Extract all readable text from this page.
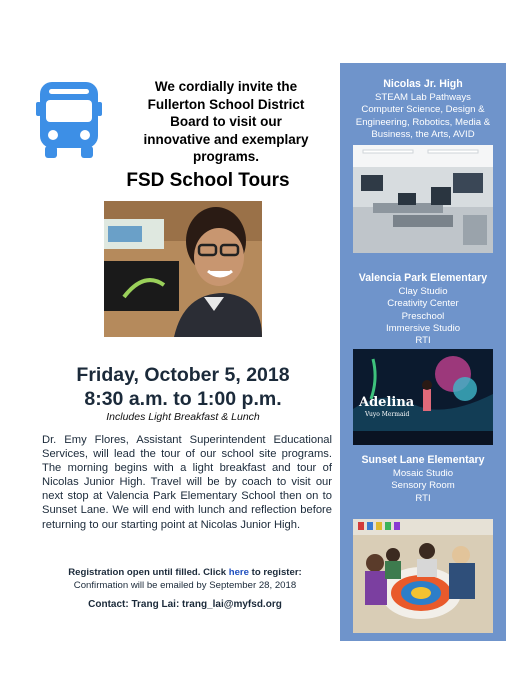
We cordially invite the
Fullerton School District
Board to visit our
innovative and exemplary
programs.
FSD School Tours
Friday, October 5, 2018
8:30 a.m. to 1:00 p.m.
Includes Light Breakfast & Lunch
Dr. Emy Flores, Assistant Superintendent Educational Services, will lead the tour of our school site programs. The morning begins with a light breakfast and tour of Nicolas Junior High. Travel will be by coach to visit our next stop at Valencia Park Elementary School then on to Sunset Lane. We will end with lunch and reflection before returning to our starting point at Nicolas Junior High.
Registration open until filled. Click here to register:
Confirmation will be emailed by September 28, 2018
Contact: Trang Lai: trang_lai@myfsd.org
Nicolas Jr. High
STEAM Lab Pathways
Computer Science, Design &
Engineering, Robotics, Media &
Business, the Arts, AVID
Valencia Park Elementary
Clay Studio
Creativity Center
Preschool
Immersive Studio
RTI
Adelina
Vuyo Mermaid
Sunset Lane Elementary
Mosaic Studio
Sensory Room
RTI
